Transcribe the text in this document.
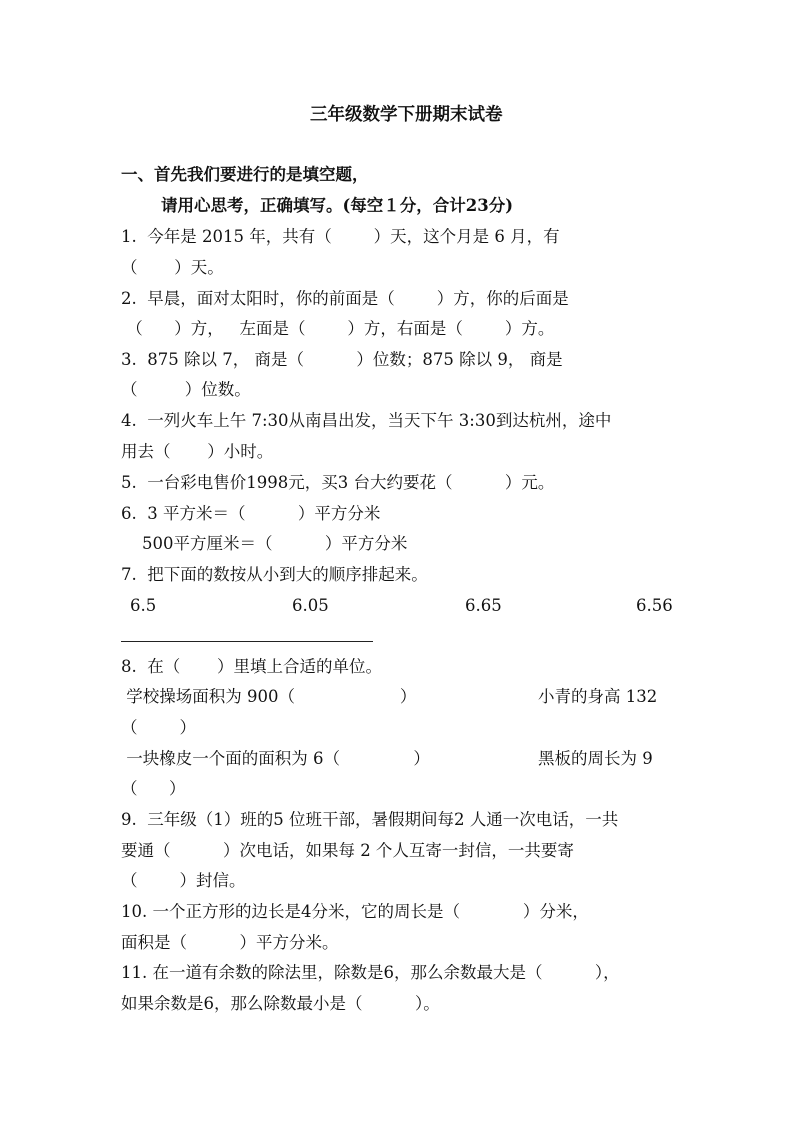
三年级数学下册期末试卷
一、首先我们要进行的是填空题，
请用心思考，正确填写。(每空１分，合计23分)
1.  今年是 2015 年，共有（        ）天，这个月是 6 月，有
（       ）天。
2.  早晨，面对太阳时，你的前面是（        ）方，你的后面是
（      ）方，   左面是（        ）方，右面是（        ）方。
3.  875 除以 7， 商是（          ）位数；875 除以 9， 商是
（         ）位数。
4.  一列火车上午 7:30从南昌出发，当天下午 3:30到达杭州，途中
用去（       ）小时。
5.  一台彩电售价1998元，买3 台大约要花（          ）元。
6.  3 平方米＝（          ）平方分米
500平方厘米＝（          ）平方分米
7.  把下面的数按从小到大的顺序排起来。
6.5	6.05	6.65	6.56
8.  在（       ）里填上合适的单位。
学校操场面积为 900（                    ）	小青的身高 132
（        ）
一块橡皮一个面的面积为 6（              ）	黑板的周长为 9
（      ）
9.  三年级（1）班的5 位班干部，暑假期间每2 人通一次电话，一共
要通（          ）次电话，如果每 2 个人互寄一封信，一共要寄
（        ）封信。
10. 一个正方形的边长是4分米，它的周长是（            ）分米，
面积是（          ）平方分米。
11. 在一道有余数的除法里，除数是6，那么余数最大是（          ），
如果余数是6，那么除数最小是（          ）。
